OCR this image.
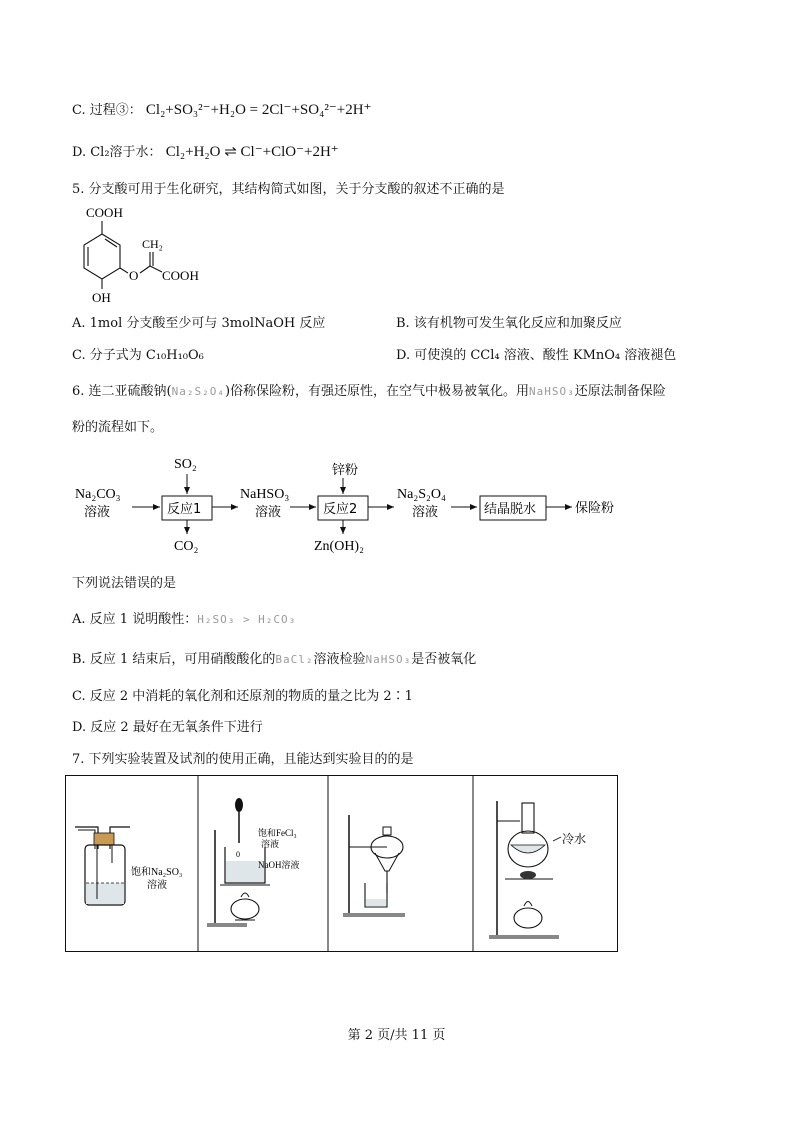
C. 过程③： Cl₂+SO₃²⁻+H₂O = 2Cl⁻+SO₄²⁻+2H⁺
D. Cl₂溶于水： Cl₂+H₂O ⇌ Cl⁻+ClO⁻+2H⁺
5. 分支酸可用于生化研究，其结构简式如图，关于分支酸的叙述不正确的是
COOH
OH
O
CH₂
COOH
A. 1mol 分支酸至少可与 3molNaOH 反应	B. 该有机物可发生氧化反应和加聚反应
C. 分子式为 C₁₀H₁₀O₆	D. 可使溴的 CCl₄ 溶液、酸性 KMnO₄ 溶液褪色
6. 连二亚硫酸钠(Na₂S₂O₄)俗称保险粉，有强还原性，在空气中极易被氧化。用NaHSO₃还原法制备保险
粉的流程如下。
Na₂CO₃
溶液	反应1
SO₂
CO₂
NaHSO₃
溶液	反应2
锌粉
Zn(OH)₂
Na₂S₂O₄
溶液	结晶脱水	保险粉
下列说法错误的是
A. 反应 1 说明酸性：H₂SO₃ > H₂CO₃
B. 反应 1 结束后，可用硝酸酸化的BaCl₂溶液检验NaHSO₃是否被氧化
C. 反应 2 中消耗的氧化剂和还原剂的物质的量之比为 2∶1
D. 反应 2 最好在无氧条件下进行
7. 下列实验装置及试剂的使用正确，且能达到实验目的的是
饱和Na₂SO₃
溶液
0
饱和FeCl₃
溶液
NaOH溶液
冷水
第 2 页/共 11 页
